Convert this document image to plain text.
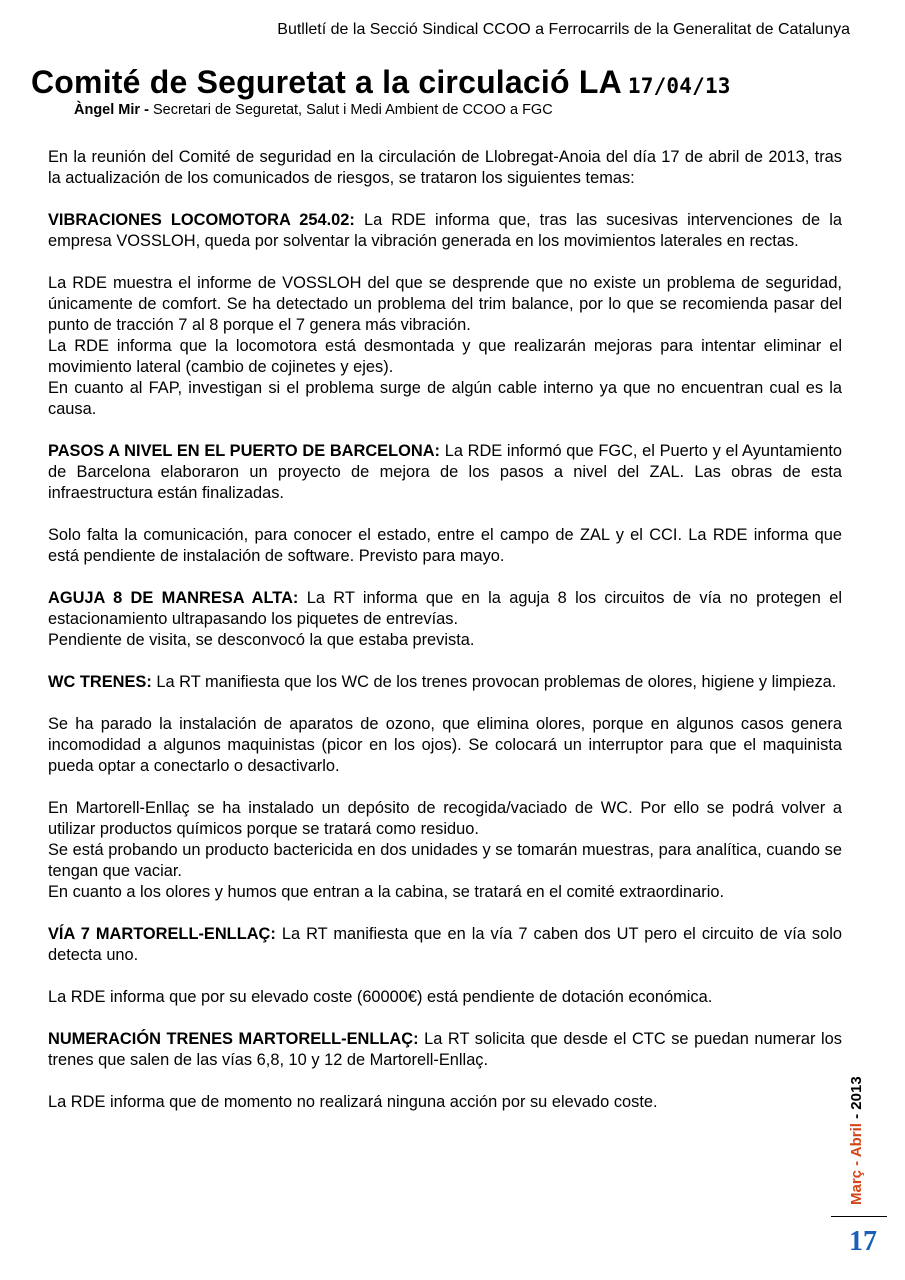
Butlletí de la Secció Sindical CCOO a Ferrocarrils de la Generalitat de Catalunya
Comité de Seguretat a la circulació LA 17/04/13
Àngel Mir - Secretari de Seguretat, Salut i Medi Ambient de CCOO a FGC

En la reunión del Comité de seguridad en la circulación de Llobregat-Anoia del día 17 de abril de 2013, tras la actualización de los comunicados de riesgos, se trataron los siguientes temas:

VIBRACIONES LOCOMOTORA 254.02: La RDE informa que, tras las sucesivas intervenciones de la empresa VOSSLOH, queda por solventar la vibración generada en los movimientos laterales en rectas.

La RDE muestra el informe de VOSSLOH del que se desprende que no existe un problema de seguridad, únicamente de comfort. Se ha detectado un problema del trim balance, por lo que se recomienda pasar del punto de tracción 7 al 8 porque el 7 genera más vibración.

La RDE informa que la locomotora está desmontada y que realizarán mejoras para intentar eliminar el movimiento lateral (cambio de cojinetes y ejes).

En cuanto al FAP, investigan si el problema surge de algún cable interno ya que no encuentran cual es la causa.

PASOS A NIVEL EN EL PUERTO DE BARCELONA: La RDE informó que FGC, el Puerto y el Ayuntamiento de Barcelona elaboraron un proyecto de mejora de los pasos a nivel del ZAL. Las obras de esta infraestructura están finalizadas.

Solo falta la comunicación, para conocer el estado, entre el campo de ZAL y el CCI. La RDE informa que está pendiente de instalación de software. Previsto para mayo.

AGUJA 8 DE MANRESA ALTA: La RT informa que en la aguja 8 los circuitos de vía no protegen el estacionamiento ultrapasando los piquetes de entrevías.

Pendiente de visita, se desconvocó la que estaba prevista.

WC TRENES: La RT manifiesta que los WC de los trenes provocan problemas de olores, higiene y limpieza.

Se ha parado la instalación de aparatos de ozono, que elimina olores, porque en algunos casos genera incomodidad a algunos maquinistas (picor en los ojos). Se colocará un interruptor para que el maquinista pueda optar a conectarlo o desactivarlo.

En Martorell-Enllaç se ha instalado un depósito de recogida/vaciado de WC. Por ello se podrá volver a utilizar productos químicos porque se tratará como residuo.

Se está probando un producto bactericida en dos unidades y se tomarán muestras, para analítica, cuando se tengan que vaciar.

En cuanto a los olores y humos que entran a la cabina, se tratará en el comité extraordinario.

VÍA 7 MARTORELL-ENLLAÇ: La RT manifiesta que en la vía 7 caben dos UT pero el circuito de vía solo detecta uno.

La RDE informa que por su elevado coste (60000€) está pendiente de dotación económica.

NUMERACIÓN TRENES MARTORELL-ENLLAÇ: La RT solicita que desde el CTC se puedan numerar los trenes que salen de las vías 6,8, 10 y 12 de Martorell-Enllaç.

La RDE informa que de momento no realizará ninguna acción por su elevado coste.

Març - Abril - 2013
17
